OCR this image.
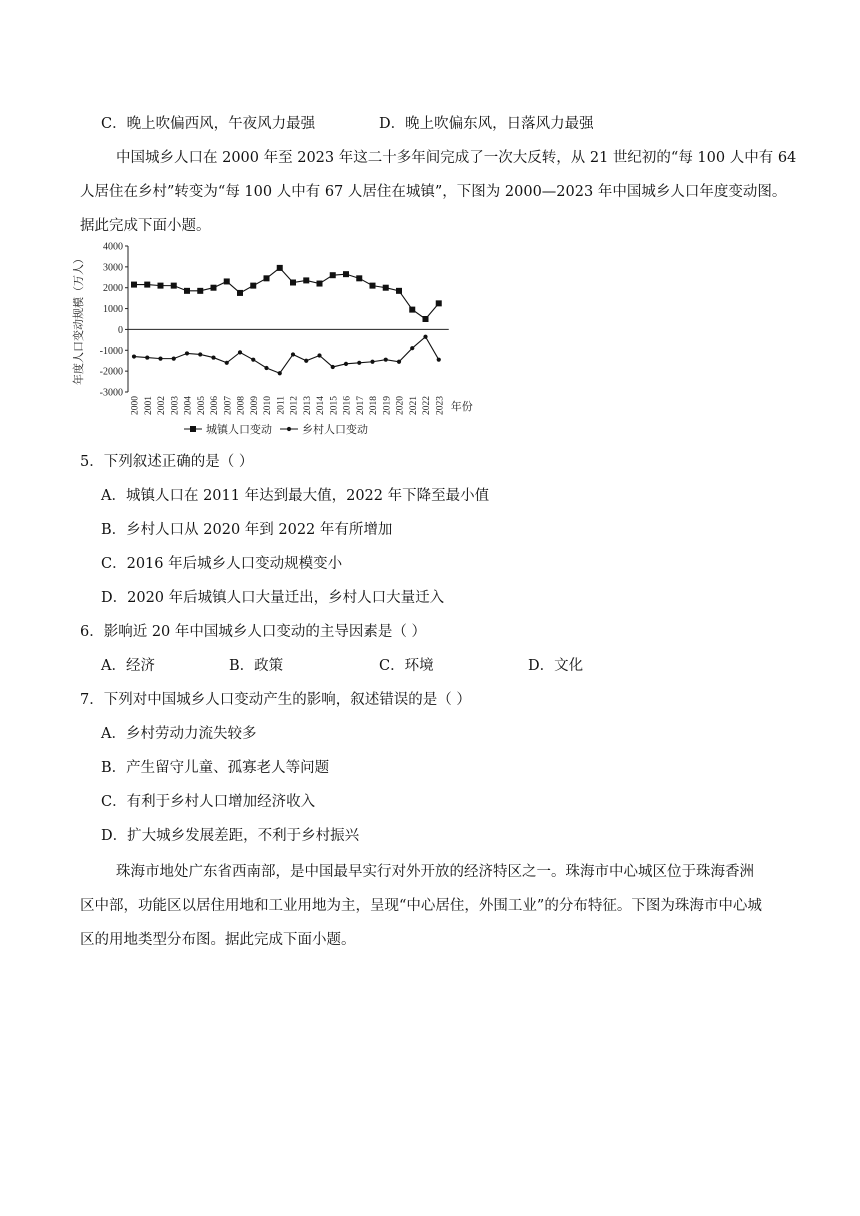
C．晚上吹偏西风，午夜风力最强	D．晚上吹偏东风，日落风力最强
中国城乡人口在 2000 年至 2023 年这二十多年间完成了一次大反转，从 21 世纪初的“每 100 人中有 64
人居住在乡村”转变为“每 100 人中有 67 人居住在城镇”，下图为 2000—2023 年中国城乡人口年度变动图。
据此完成下面小题。
4000
3000
2000
1000
0
-1000
-2000
-3000
年度人口变动规模（万人）
2000 2001 2002 2003 2004 2005 2006 2007 2008 2009 2010 2011 2012 2013 2014 2015 2016 2017 2018 2019 2020 2021 2022 2023 年份
城镇人口变动	乡村人口变动
5．下列叙述正确的是（ ）
A．城镇人口在 2011 年达到最大值，2022 年下降至最小值
B．乡村人口从 2020 年到 2022 年有所增加
C．2016 年后城乡人口变动规模变小
D．2020 年后城镇人口大量迁出，乡村人口大量迁入
6．影响近 20 年中国城乡人口变动的主导因素是（ ）
A．经济	B．政策	C．环境	D．文化
7．下列对中国城乡人口变动产生的影响，叙述错误的是（ ）
A．乡村劳动力流失较多
B．产生留守儿童、孤寡老人等问题
C．有利于乡村人口增加经济收入
D．扩大城乡发展差距，不利于乡村振兴
珠海市地处广东省西南部，是中国最早实行对外开放的经济特区之一。珠海市中心城区位于珠海香洲
区中部，功能区以居住用地和工业用地为主，呈现“中心居住，外围工业”的分布特征。下图为珠海市中心城
区的用地类型分布图。据此完成下面小题。
